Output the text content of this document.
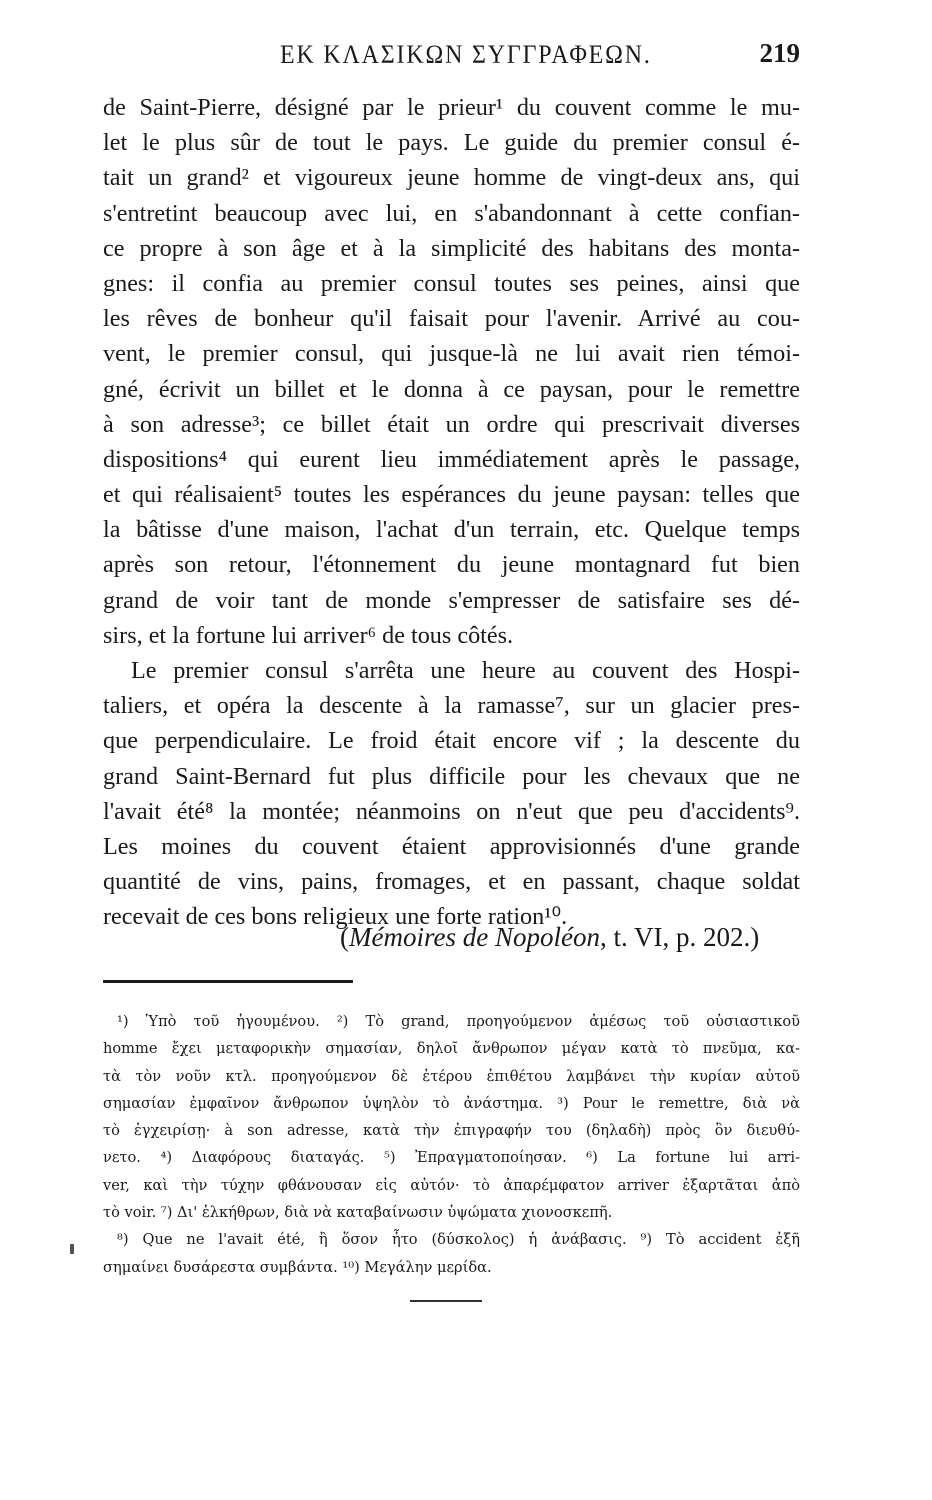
ΕΚ ΚΛΑΣΙΚΩΝ ΣΥΓΓΡΑΦΕΩΝ.	219
de Saint-Pierre, désigné par le prieur¹ du couvent comme le mu-
let le plus sûr de tout le pays. Le guide du premier consul é-
tait un grand² et vigoureux jeune homme de vingt-deux ans, qui
s'entretint beaucoup avec lui, en s'abandonnant à cette confian-
ce propre à son âge et à la simplicité des habitans des monta-
gnes: il confia au premier consul toutes ses peines, ainsi que
les rêves de bonheur qu'il faisait pour l'avenir. Arrivé au cou-
vent, le premier consul, qui jusque-là ne lui avait rien témoi-
gné, écrivit un billet et le donna à ce paysan, pour le remettre
à son adresse³; ce billet était un ordre qui prescrivait diverses
dispositions⁴ qui eurent lieu immédiatement après le passage,
et qui réalisaient⁵ toutes les espérances du jeune paysan: telles que
la bâtisse d'une maison, l'achat d'un terrain, etc. Quelque temps
après son retour, l'étonnement du jeune montagnard fut bien
grand de voir tant de monde s'empresser de satisfaire ses dé-
sirs, et la fortune lui arriver⁶ de tous côtés.
Le premier consul s'arrêta une heure au couvent des Hospi-
taliers, et opéra la descente à la ramasse⁷, sur un glacier pres-
que perpendiculaire. Le froid était encore vif ; la descente du
grand Saint-Bernard fut plus difficile pour les chevaux que ne
l'avait été⁸ la montée; néanmoins on n'eut que peu d'accidents⁹.
Les moines du couvent étaient approvisionnés d'une grande
quantité de vins, pains, fromages, et en passant, chaque soldat
recevait de ces bons religieux une forte ration¹⁰.
(Mémoires de Nopoléon, t. VI, p. 202.)
¹) Ὑπὸ τοῦ ἡγουμένου. ²) Τὸ grand, προηγούμενον ἀμέσως τοῦ οὐσιαστικοῦ
homme ἔχει μεταφορικὴν σημασίαν, δηλοῖ ἄνθρωπον μέγαν κατὰ τὸ πνεῦμα, κα-
τὰ τὸν νοῦν κτλ. προηγούμενον δὲ ἑτέρου ἐπιθέτου λαμβάνει τὴν κυρίαν αὐτοῦ
σημασίαν ἐμφαῖνον ἄνθρωπον ὑψηλὸν τὸ ἀνάστημα. ³) Pour le remettre, διὰ νὰ
τὸ ἐγχειρίσῃ· à son adresse, κατὰ τὴν ἐπιγραφήν του (δηλαδὴ) πρὸς ὃν διευθύ-
νετο. ⁴) Διαφόρους διαταγάς. ⁵) Ἐπραγματοποίησαν. ⁶) La fortune lui arri-
ver, καὶ τὴν τύχην φθάνουσαν εἰς αὐτόν· τὸ ἀπαρέμφατον arriver ἐξαρτᾶται ἀπὸ
τὸ voir. ⁷) Δι' ἑλκήθρων, διὰ νὰ καταβαίνωσιν ὑψώματα χιονοσκεπῆ.
⁸) Que ne l'avait été, ἢ ὅσον ἦτο (δύσκολος) ἡ ἀνάβασις. ⁹) Τὸ accident ἐξῆ
σημαίνει δυσάρεστα συμβάντα. ¹⁰) Μεγάλην μερίδα.
